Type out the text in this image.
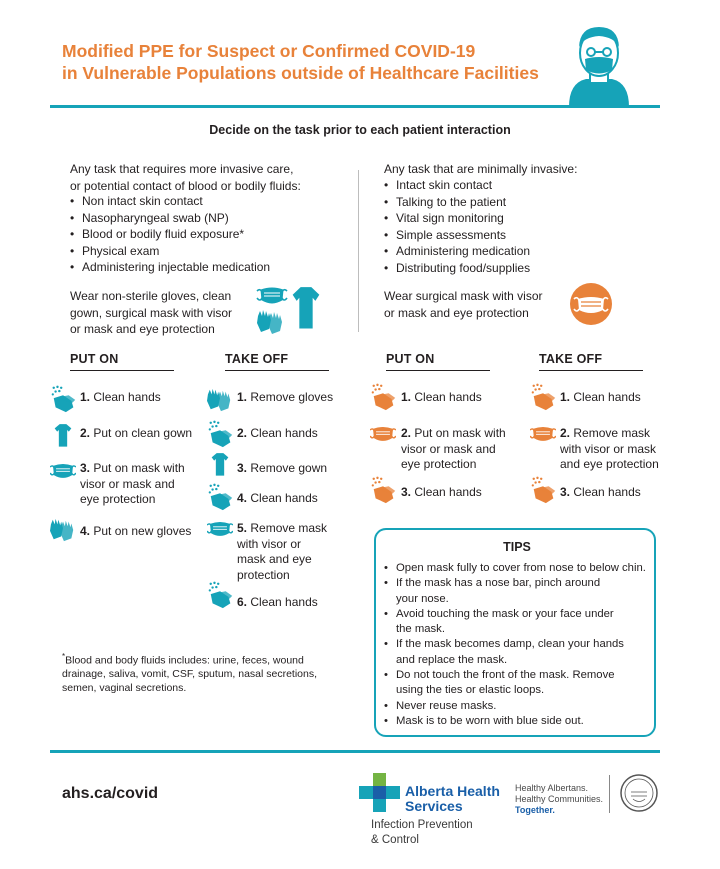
Modified PPE for Suspect or Confirmed COVID-19
in Vulnerable Populations outside of Healthcare Facilities
Decide on the task prior to each patient interaction
Any task that requires more invasive care,
or potential contact of blood or bodily fluids:
• Non intact skin contact
• Nasopharyngeal swab (NP)
• Blood or bodily fluid exposure*
• Physical exam
• Administering injectable medication
Wear non-sterile gloves, clean
gown, surgical mask with visor
or mask and eye protection
Any task that are minimally invasive:
• Intact skin contact
• Talking to the patient
• Vital sign monitoring
• Simple assessments
• Administering medication
• Distributing food/supplies
Wear surgical mask with visor
or mask and eye protection
PUT ON	TAKE OFF	PUT ON	TAKE OFF
1. Clean hands
2. Put on clean gown
3. Put on mask with
visor or mask and
eye protection
4. Put on new gloves
1. Remove gloves
2. Clean hands
3. Remove gown
4. Clean hands
5. Remove mask
with visor or
mask and eye
protection
6. Clean hands
1. Clean hands
2. Put on mask with
visor or mask and
eye protection
3. Clean hands
1. Clean hands
2. Remove mask
with visor or mask
and eye protection
3. Clean hands
TIPS
• Open mask fully to cover from nose to below chin.
• If the mask has a nose bar, pinch around
your nose.
• Avoid touching the mask or your face under
the mask.
• If the mask becomes damp, clean your hands
and replace the mask.
• Do not touch the front of the mask. Remove
using the ties or elastic loops.
• Never reuse masks.
• Mask is to be worn with blue side out.
*Blood and body fluids includes: urine, feces, wound
drainage, saliva, vomit, CSF, sputum, nasal secretions,
semen, vaginal secretions.
ahs.ca/covid	Alberta Health
Services
Infection Prevention
& Control
Healthy Albertans.
Healthy Communities.
Together.
